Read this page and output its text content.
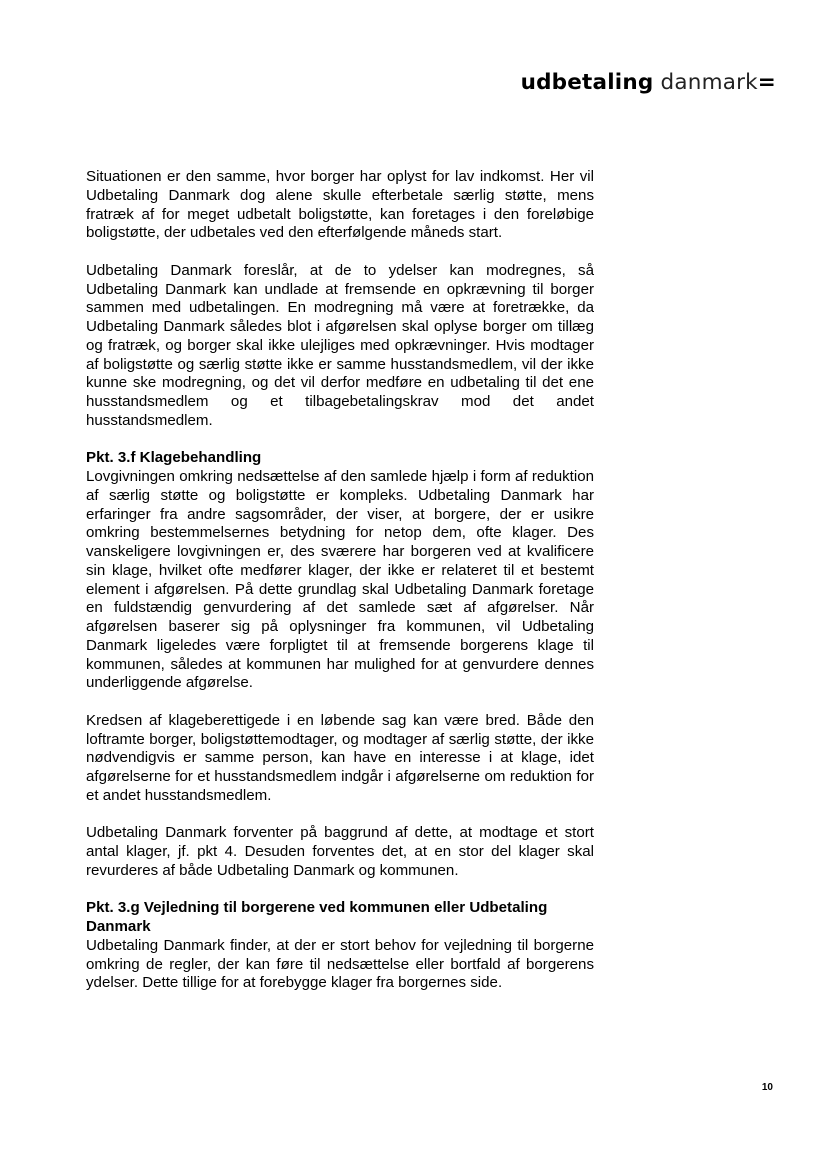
udbetaling danmark=

Situationen er den samme, hvor borger har oplyst for lav indkomst. Her vil Udbetaling Danmark dog alene skulle efterbetale særlig støtte, mens fratræk af for meget udbetalt boligstøtte, kan foretages i den foreløbige boligstøtte, der udbetales ved den efterfølgende måneds start.

Udbetaling Danmark foreslår, at de to ydelser kan modregnes, så Udbetaling Danmark kan undlade at fremsende en opkrævning til borger sammen med udbetalingen. En modregning må være at foretrække, da Udbetaling Danmark således blot i afgørelsen skal oplyse borger om tillæg og fratræk, og borger skal ikke ulejliges med opkrævninger. Hvis modtager af boligstøtte og særlig støtte ikke er samme husstandsmedlem, vil der ikke kunne ske modregning, og det vil derfor medføre en udbetaling til det ene husstandsmedlem og et tilbagebetalingskrav mod det andet husstandsmedlem.

Pkt. 3.f Klagebehandling

Lovgivningen omkring nedsættelse af den samlede hjælp i form af reduktion af særlig støtte og boligstøtte er kompleks. Udbetaling Danmark har erfaringer fra andre sagsområder, der viser, at borgere, der er usikre omkring bestemmelsernes betydning for netop dem, ofte klager. Des vanskeligere lovgivningen er, des sværere har borgeren ved at kvalificere sin klage, hvilket ofte medfører klager, der ikke er relateret til et bestemt element i afgørelsen. På dette grundlag skal Udbetaling Danmark foretage en fuldstændig genvurdering af det samlede sæt af afgørelser. Når afgørelsen baserer sig på oplysninger fra kommunen, vil Udbetaling Danmark ligeledes være forpligtet til at fremsende borgerens klage til kommunen, således at kommunen har mulighed for at genvurdere dennes underliggende afgørelse.

Kredsen af klageberettigede i en løbende sag kan være bred. Både den loftramte borger, boligstøttemodtager, og modtager af særlig støtte, der ikke nødvendigvis er samme person, kan have en interesse i at klage, idet afgørelserne for et husstandsmedlem indgår i afgørelserne om reduktion for et andet husstandsmedlem.

Udbetaling Danmark forventer på baggrund af dette, at modtage et stort antal klager, jf. pkt 4. Desuden forventes det, at en stor del klager skal revurderes af både Udbetaling Danmark og kommunen.

Pkt. 3.g Vejledning til borgerene ved kommunen eller Udbetaling Danmark

Udbetaling Danmark finder, at der er stort behov for vejledning til borgerne omkring de regler, der kan føre til nedsættelse eller bortfald af borgerens ydelser. Dette tillige for at forebygge klager fra borgernes side.

10
